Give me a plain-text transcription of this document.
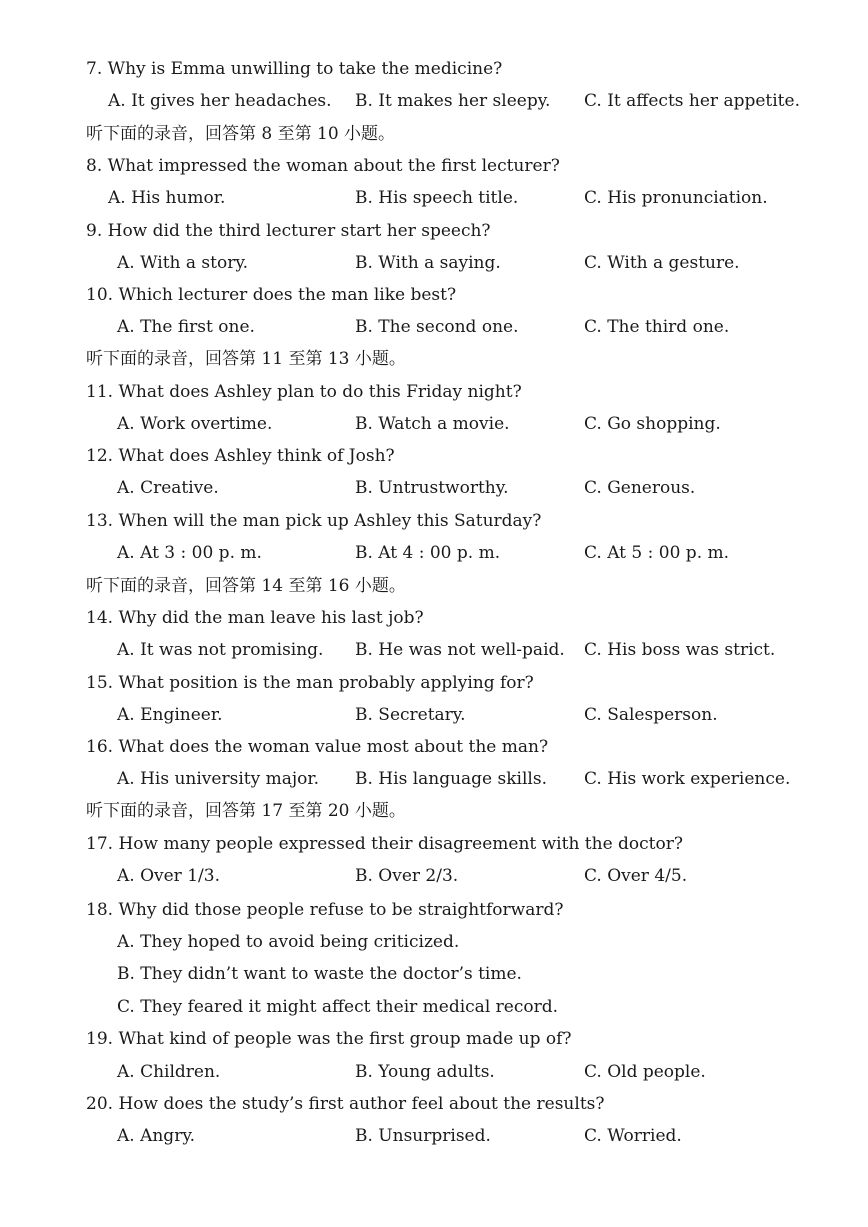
7. Why is Emma unwilling to take the medicine?
A. It gives her headaches. B. It makes her sleepy. C. It affects her appetite.
听下面的录音，回答第 8 至第 10 小题。
8. What impressed the woman about the first lecturer?
A. His humor.	B. His speech title.	C. His pronunciation.
9. How did the third lecturer start her speech?
A. With a story.	B. With a saying.	C. With a gesture.
10. Which lecturer does the man like best?
A. The first one.	B. The second one.	C. The third one.
听下面的录音，回答第 11 至第 13 小题。
11. What does Ashley plan to do this Friday night?
A. Work overtime.	B. Watch a movie.	C. Go shopping.
12. What does Ashley think of Josh?
A. Creative.	B. Untrustworthy.	C. Generous.
13. When will the man pick up Ashley this Saturday?
A. At 3 : 00 p. m.	B. At 4 : 00 p. m.	C. At 5 : 00 p. m.
听下面的录音，回答第 14 至第 16 小题。
14. Why did the man leave his last job?
A. It was not promising. B. He was not well-paid. C. His boss was strict.
15. What position is the man probably applying for?
A. Engineer.	B. Secretary.	C. Salesperson.
16. What does the woman value most about the man?
A. His university major. B. His language skills. C. His work experience.
听下面的录音，回答第 17 至第 20 小题。
17. How many people expressed their disagreement with the doctor?
A. Over 1/3.	B. Over 2/3.	C. Over 4/5.
18. Why did those people refuse to be straightforward?
A. They hoped to avoid being criticized.
B. They didn’t want to waste the doctor’s time.
C. They feared it might affect their medical record.
19. What kind of people was the first group made up of?
A. Children.	B. Young adults.	C. Old people.
20. How does the study’s first author feel about the results?
A. Angry.	B. Unsurprised.	C. Worried.
